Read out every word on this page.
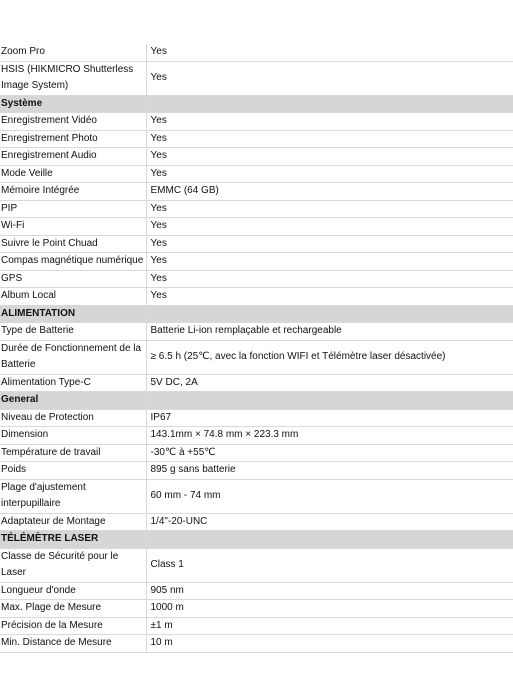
Zoom Pro	Yes
HSIS (HIKMICRO Shutterless Image System)	Yes
Système	
Enregistrement Vidéo	Yes
Enregistrement Photo	Yes
Enregistrement Audio	Yes
Mode Veille	Yes
Mémoire Intégrée	EMMC (64 GB)
PIP	Yes
Wi-Fi	Yes
Suivre le Point Chuad	Yes
Compas magnétique numérique	Yes
GPS	Yes
Album Local	Yes
ALIMENTATION	
Type de Batterie	Batterie Li-ion remplaçable et rechargeable
Durée de Fonctionnement de la Batterie	≥ 6.5 h (25℃, avec la fonction WIFI et Télémètre laser désactivée)
Alimentation Type-C	5V DC, 2A
General	
Niveau de Protection	IP67
Dimension	143.1mm × 74.8 mm × 223.3 mm
Température de travail	-30℃ à +55℃
Poids	895 g sans batterie
Plage d'ajustement interpupillaire	60 mm - 74 mm
Adaptateur de Montage	1/4"-20-UNC
TÉLÉMÈTRE LASER	
Classe de Sécurité pour le Laser	Class 1
Longueur d'onde	905 nm
Max. Plage de Mesure	1000 m
Précision de la Mesure	±1 m
Min. Distance de Mesure	10 m
